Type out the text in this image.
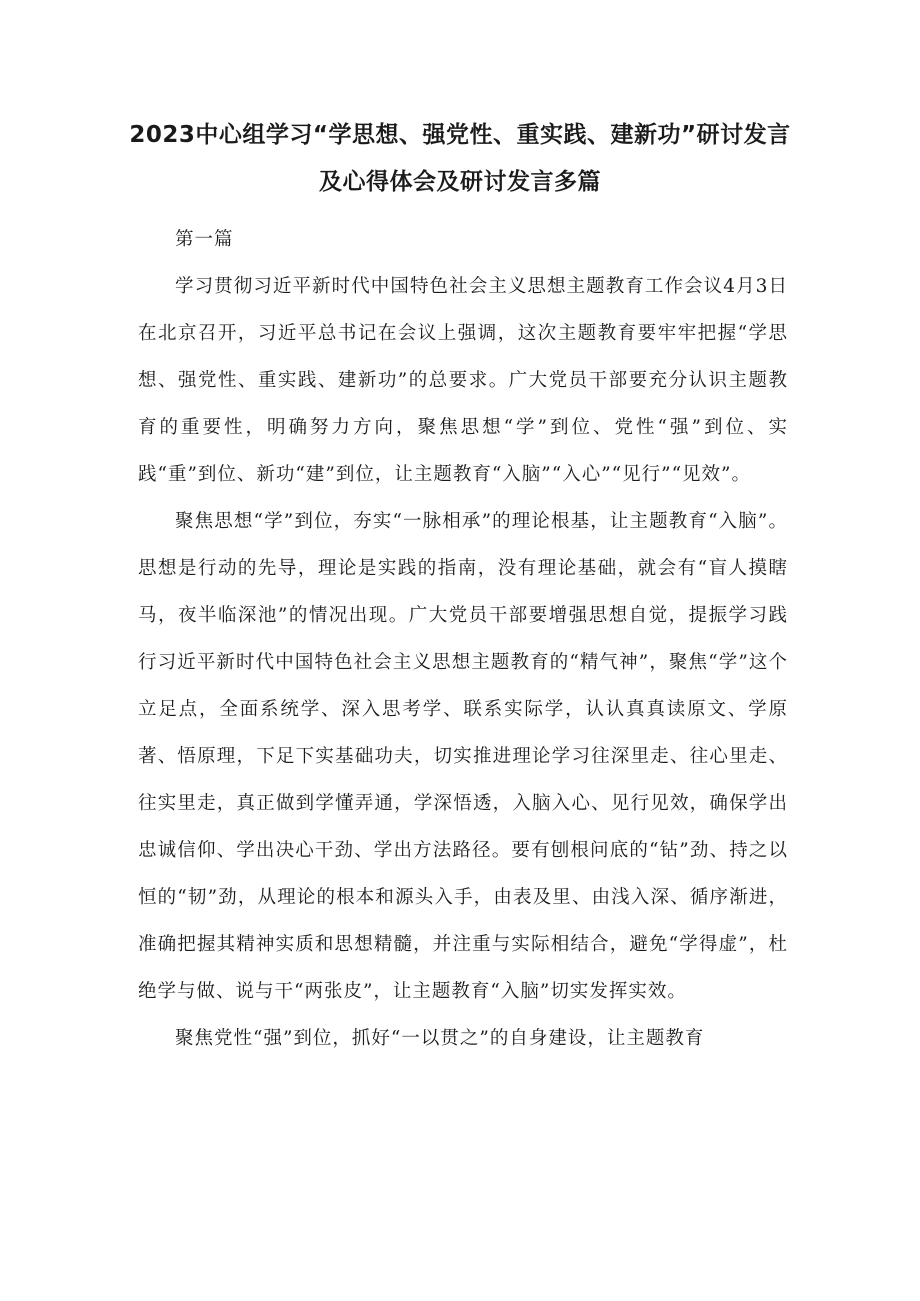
2023中心组学习“学思想、强党性、重实践、建新功”研讨发言及心得体会及研讨发言多篇

第一篇

学习贯彻习近平新时代中国特色社会主义思想主题教育工作会议4月3日在北京召开，习近平总书记在会议上强调，这次主题教育要牢牢把握“学思想、强党性、重实践、建新功”的总要求。广大党员干部要充分认识主题教育的重要性，明确努力方向，聚焦思想“学”到位、党性“强”到位、实践“重”到位、新功“建”到位，让主题教育“入脑”“入心”“见行”“见效”。

聚焦思想“学”到位，夯实“一脉相承”的理论根基，让主题教育“入脑”。思想是行动的先导，理论是实践的指南，没有理论基础，就会有“盲人摸瞎马，夜半临深池”的情况出现。广大党员干部要增强思想自觉，提振学习践行习近平新时代中国特色社会主义思想主题教育的“精气神”，聚焦“学”这个立足点，全面系统学、深入思考学、联系实际学，认认真真读原文、学原著、悟原理，下足下实基础功夫，切实推进理论学习往深里走、往心里走、往实里走，真正做到学懂弄通，学深悟透，入脑入心、见行见效，确保学出忠诚信仰、学出决心干劲、学出方法路径。要有刨根问底的“钻”劲、持之以恒的“韧”劲，从理论的根本和源头入手，由表及里、由浅入深、循序渐进，准确把握其精神实质和思想精髓，并注重与实际相结合，避免“学得虚”，杜绝学与做、说与干“两张皮”，让主题教育“入脑”切实发挥实效。

聚焦党性“强”到位，抓好“一以贯之”的自身建设，让主题教育
